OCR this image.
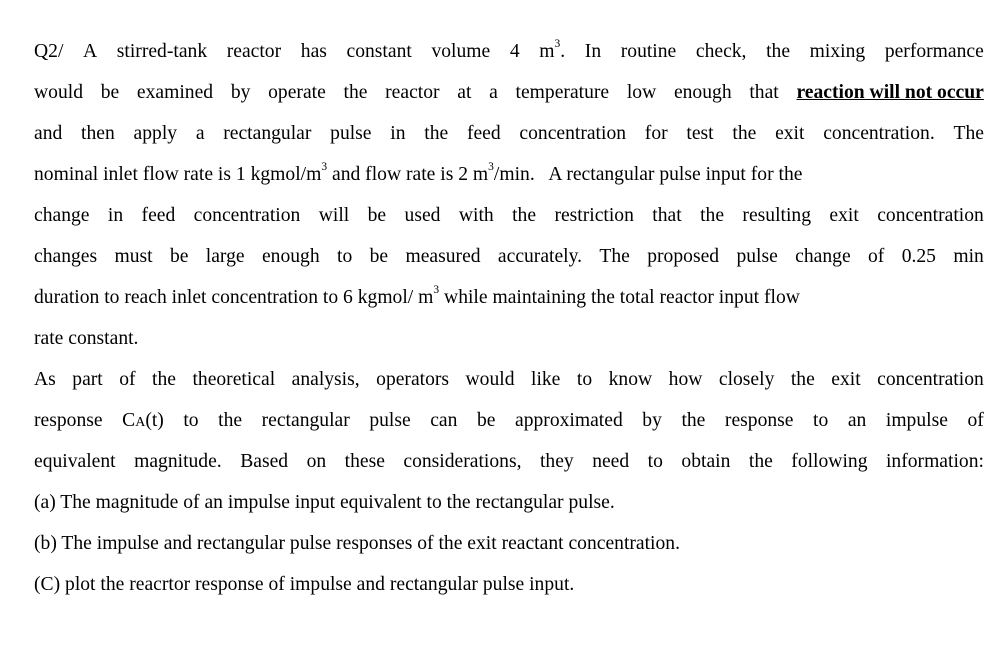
Q2/ A stirred-tank reactor has constant volume 4 $m^3$. In routine check, the mixing performance
would be examined by operate the reactor at a temperature low enough that reaction will not occur
and then apply a rectangular pulse in the feed concentration for test the exit concentration. The
nominal inlet flow rate is 1 kgmol/$m^3$ and flow rate is 2 $m^3/\min$.   A rectangular pulse input for the
change in feed concentration will be used with the restriction that the resulting exit concentration
changes must be large enough to be measured accurately. The proposed pulse change of 0.25 min
duration to reach inlet concentration to 6 kgmol/ $m^3$ while maintaining the total reactor input flow
rate constant.
As part of the theoretical analysis, operators would like to know how closely the exit concentration
response CA(t) to the rectangular pulse can be approximated by the response to an impulse of
equivalent magnitude. Based on these considerations, they need to obtain the following information:
(a) The magnitude of an impulse input equivalent to the rectangular pulse.
(b) The impulse and rectangular pulse responses of the exit reactant concentration.
(C) plot the reacrtor response of impulse and rectangular pulse input.
